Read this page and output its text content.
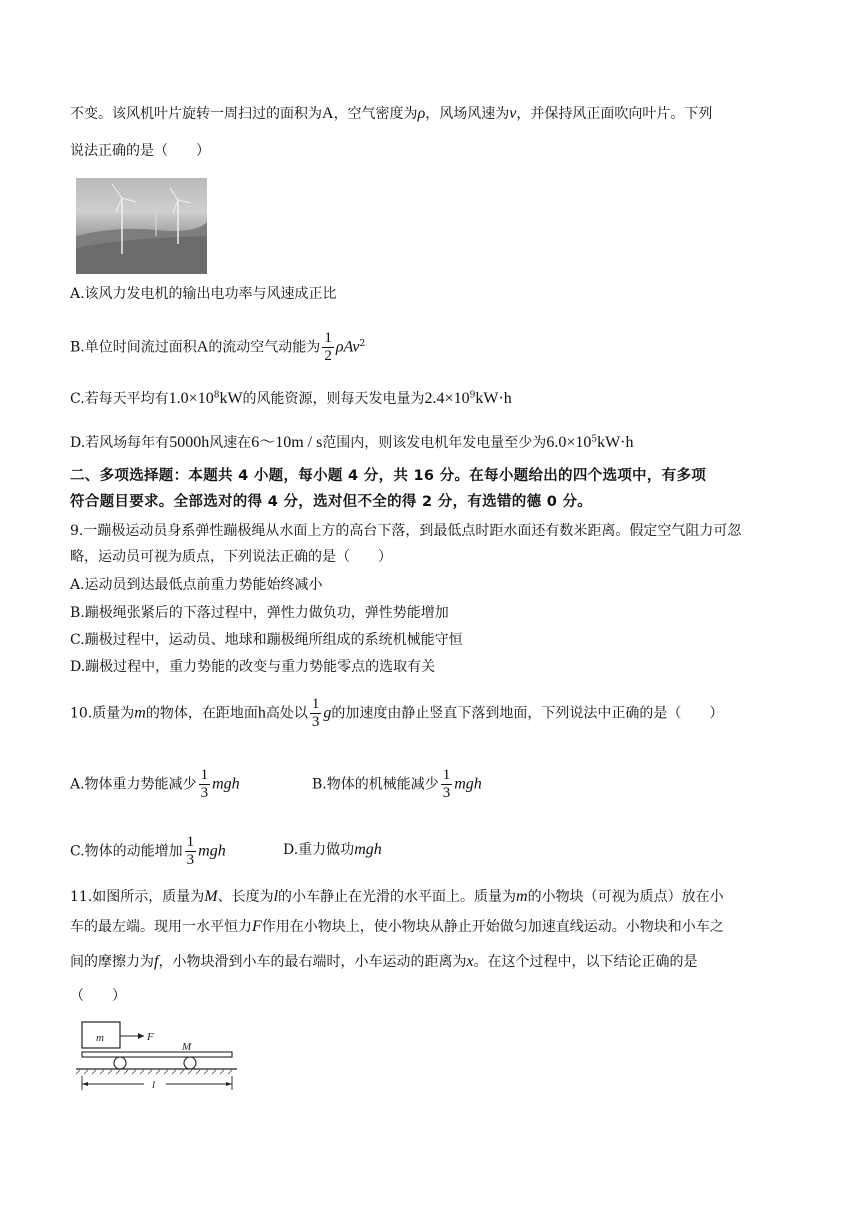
不变。该风机叶片旋转一周扫过的面积为A，空气密度为ρ，风场风速为v，并保持风正面吹向叶片。下列
说法正确的是（　　）
A.该风力发电机的输出电功率与风速成正比
B.单位时间流过面积A的流动空气动能为 $\frac{1}{2} \rho Av^2$
C.若每天平均有$1.0\times 10^8kW$的风能资源，则每天发电量为$2.4\times 10^9kW\cdot h$
D.若风场每年有5000h风速在6～10m / s范围内，则该发电机年发电量至少为$6.0\times 10^5kW\cdot h$
二、多项选择题：本题共 4 小题，每小题 4 分，共 16 分。在每小题给出的四个选项中，有多项
符合题目要求。全部选对的得 4 分，选对但不全的得 2 分，有选错的德 0 分。
9.一蹦极运动员身系弹性蹦极绳从水面上方的高台下落，到最低点时距水面还有数米距离。假定空气阻力可忽
略，运动员可视为质点，下列说法正确的是（　　）
A.运动员到达最低点前重力势能始终减小
B.蹦极绳张紧后的下落过程中，弹性力做负功，弹性势能增加
C.蹦极过程中，运动员、地球和蹦极绳所组成的系统机械能守恒
D.蹦极过程中，重力势能的改变与重力势能零点的选取有关
10.质量为m的物体，在距地面h高处以 $\frac{1}{3}$ g的加速度由静止竖直下落到地面，下列说法中正确的是（　　）
A.物体重力势能减少 $\frac{1}{3}$ mgh	B.物体的机械能减少 $\frac{1}{3}$ mgh
C.物体的动能增加 $\frac{1}{3}$ mgh	D.重力做功mgh
11.如图所示，质量为M、长度为l的小车静止在光滑的水平面上。质量为m的小物块（可视为质点）放在小
车的最左端。现用一水平恒力F作用在小物块上，使小物块从静止开始做匀加速直线运动。小物块和小车之
间的摩擦力为f，小物块滑到小车的最右端时，小车运动的距离为x。在这个过程中，以下结论正确的是
（　　）
m	F
M
l
